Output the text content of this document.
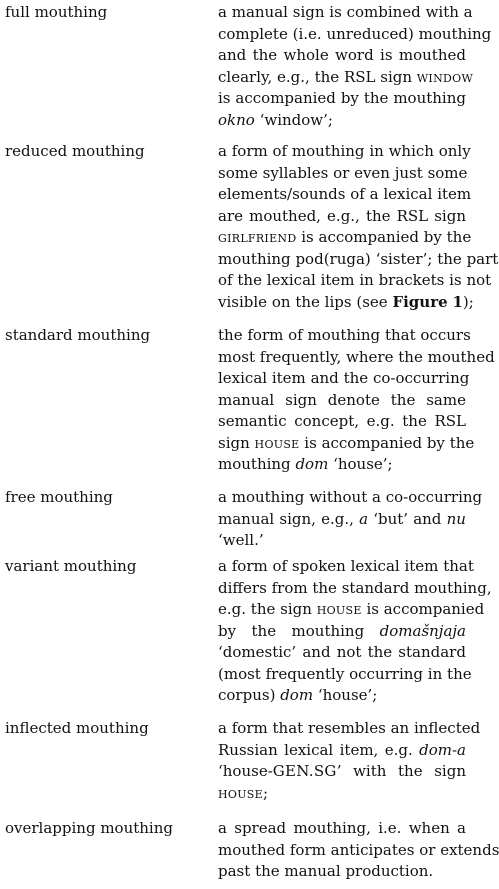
full mouthing	a manual sign is combined with a
complete (i.e. unreduced) mouthing
and the whole word is mouthed
clearly, e.g., the RSL sign window
is accompanied by the mouthing
okno ‘window’;
reduced mouthing	a form of mouthing in which only
some syllables or even just some
elements/sounds of a lexical item
are mouthed, e.g., the RSL sign
girlfriend is accompanied by the
mouthing pod(ruga) ‘sister’; the part
of the lexical item in brackets is not
visible on the lips (see Figure 1);
standard mouthing	the form of mouthing that occurs
most frequently, where the mouthed
lexical item and the co-occurring
manual sign denote the same
semantic concept, e.g. the RSL
sign house is accompanied by the
mouthing dom ‘house’;
free mouthing	a mouthing without a co-occurring
manual sign, e.g., a ‘but’ and nu
‘well.’
variant mouthing	a form of spoken lexical item that
differs from the standard mouthing,
e.g. the sign house is accompanied
by the mouthing domašnjaja
‘domestic’ and not the standard
(most frequently occurring in the
corpus) dom ‘house’;
inflected mouthing	a form that resembles an inflected
Russian lexical item, e.g. dom-a
‘house-GEN.SG’ with the sign
house;
overlapping mouthing	a spread mouthing, i.e. when a
mouthed form anticipates or extends
past the manual production.
